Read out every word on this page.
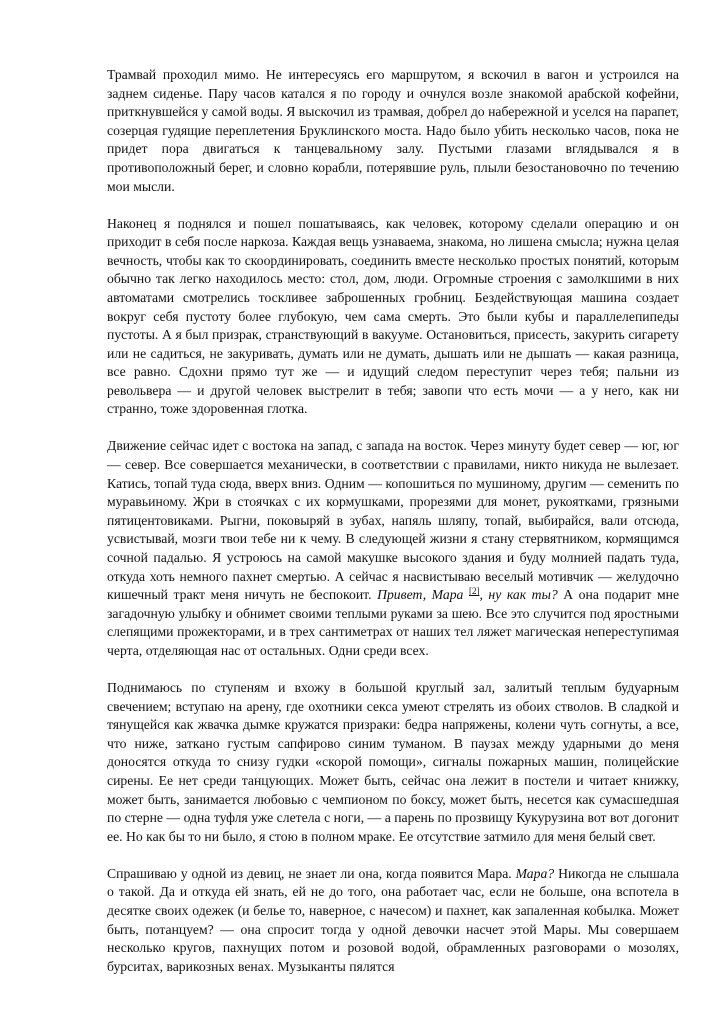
Трамвай проходил мимо. Не интересуясь его маршрутом, я вскочил в вагон и устроился на заднем сиденье. Пару часов катался я по городу и очнулся возле знакомой арабской кофейни, приткнувшейся у самой воды. Я выскочил из трамвая, добрел до набережной и уселся на парапет, созерцая гудящие переплетения Бруклинского моста. Надо было убить несколько часов, пока не придет пора двигаться к танцевальному залу. Пустыми глазами вглядывался я в противоположный берег, и словно корабли, потерявшие руль, плыли безостановочно по течению мои мысли.

Наконец я поднялся и пошел пошатываясь, как человек, которому сделали операцию и он приходит в себя после наркоза. Каждая вещь узнаваема, знакома, но лишена смысла; нужна целая вечность, чтобы как то скоординировать, соединить вместе несколько простых понятий, которым обычно так легко находилось место: стол, дом, люди. Огромные строения с замолкшими в них автоматами смотрелись тоскливее заброшенных гробниц. Бездействующая машина создает вокруг себя пустоту более глубокую, чем сама смерть. Это были кубы и параллелепипеды пустоты. А я был призрак, странствующий в вакууме. Остановиться, присесть, закурить сигарету или не садиться, не закуривать, думать или не думать, дышать или не дышать — какая разница, все равно. Сдохни прямо тут же — и идущий следом переступит через тебя; пальни из револьвера — и другой человек выстрелит в тебя; завопи что есть мочи — а у него, как ни странно, тоже здоровенная глотка.

Движение сейчас идет с востока на запад, с запада на восток. Через минуту будет север — юг, юг — север. Все совершается механически, в соответствии с правилами, никто никуда не вылезает. Катись, топай туда сюда, вверх вниз. Одним — копошиться по мушиному, другим — семенить по муравьиному. Жри в стоячках с их кормушками, прорезями для монет, рукоятками, грязными пятицентовиками. Рыгни, поковыряй в зубах, напяль шляпу, топай, выбирайся, вали отсюда, усвистывай, мозги твои тебе ни к чему. В следующей жизни я стану стервятником, кормящимся сочной падалью. Я устроюсь на самой макушке высокого здания и буду молнией падать туда, откуда хоть немного пахнет смертью. А сейчас я насвистываю веселый мотивчик — желудочно кишечный тракт меня ничуть не беспокоит. Привет, Мара [2], ну как ты? А она подарит мне загадочную улыбку и обнимет своими теплыми руками за шею. Все это случится под яростными слепящими прожекторами, и в трех сантиметрах от наших тел ляжет магическая непереступимая черта, отделяющая нас от остальных. Одни среди всех.

Поднимаюсь по ступеням и вхожу в большой круглый зал, залитый теплым будуарным свечением; вступаю на арену, где охотники секса умеют стрелять из обоих стволов. В сладкой и тянущейся как жвачка дымке кружатся призраки: бедра напряжены, колени чуть согнуты, а все, что ниже, заткано густым сапфирово синим туманом. В паузах между ударными до меня доносятся откуда то снизу гудки «скорой помощи», сигналы пожарных машин, полицейские сирены. Ее нет среди танцующих. Может быть, сейчас она лежит в постели и читает книжку, может быть, занимается любовью с чемпионом по боксу, может быть, несется как сумасшедшая по стерне — одна туфля уже слетела с ноги, — а парень по прозвищу Кукурузина вот вот догонит ее. Но как бы то ни было, я стою в полном мраке. Ее отсутствие затмило для меня белый свет.

Спрашиваю у одной из девиц, не знает ли она, когда появится Мара. Мара? Никогда не слышала о такой. Да и откуда ей знать, ей не до того, она работает час, если не больше, она вспотела в десятке своих одежек (и белье то, наверное, с начесом) и пахнет, как запаленная кобылка. Может быть, потанцуем? — она спросит тогда у одной девочки насчет этой Мары. Мы совершаем несколько кругов, пахнущих потом и розовой водой, обрамленных разговорами о мозолях, бурситах, варикозных венах. Музыканты пялятся
